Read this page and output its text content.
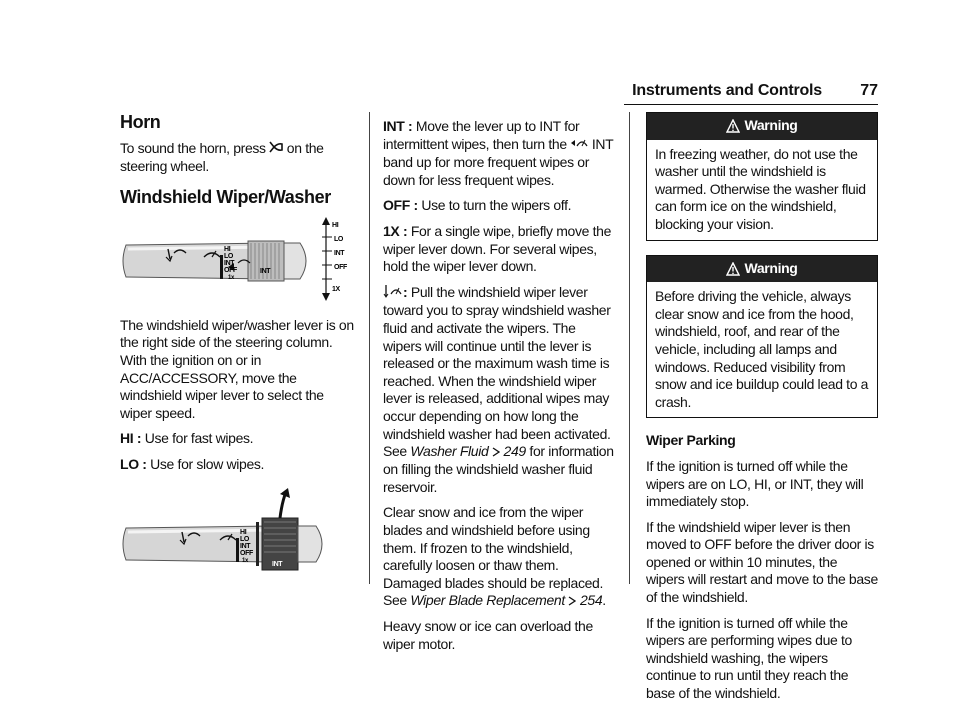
Instruments and Controls 77
Horn

To sound the horn, press on the steering wheel.

Windshield Wiper/Washer
HI
LO
INT
OFF
1X
HI
LO
INT
OFF
1x
INT

The windshield wiper/washer lever is on the right side of the steering column. With the ignition on or in ACC/ACCESSORY, move the windshield wiper lever to select the wiper speed.

HI : Use for fast wipes.

LO : Use for slow wipes.

HI
LO
INT
OFF
1x	INT

INT : Move the lever up to INT for intermittent wipes, then turn the INT band up for more frequent wipes or down for less frequent wipes.

OFF : Use to turn the wipers off.

1X : For a single wipe, briefly move the wiper lever down. For several wipes, hold the wiper lever down.

: Pull the windshield wiper lever toward you to spray windshield washer fluid and activate the wipers. The wipers will continue until the lever is released or the maximum wash time is reached. When the windshield wiper lever is released, additional wipes may occur depending on how long the windshield washer had been activated. See Washer Fluid 249 for information on filling the windshield washer fluid reservoir.

Clear snow and ice from the wiper blades and windshield before using them. If frozen to the windshield, carefully loosen or thaw them. Damaged blades should be replaced. See Wiper Blade Replacement 254.

Heavy snow or ice can overload the wiper motor.

Warning

In freezing weather, do not use the washer until the windshield is warmed. Otherwise the washer fluid can form ice on the windshield, blocking your vision.

Warning

Before driving the vehicle, always clear snow and ice from the hood, windshield, roof, and rear of the vehicle, including all lamps and windows. Reduced visibility from snow and ice buildup could lead to a crash.

Wiper Parking

If the ignition is turned off while the wipers are on LO, HI, or INT, they will immediately stop.

If the windshield wiper lever is then moved to OFF before the driver door is opened or within 10 minutes, the wipers will restart and move to the base of the windshield.

If the ignition is turned off while the wipers are performing wipes due to windshield washing, the wipers continue to run until they reach the base of the windshield.
